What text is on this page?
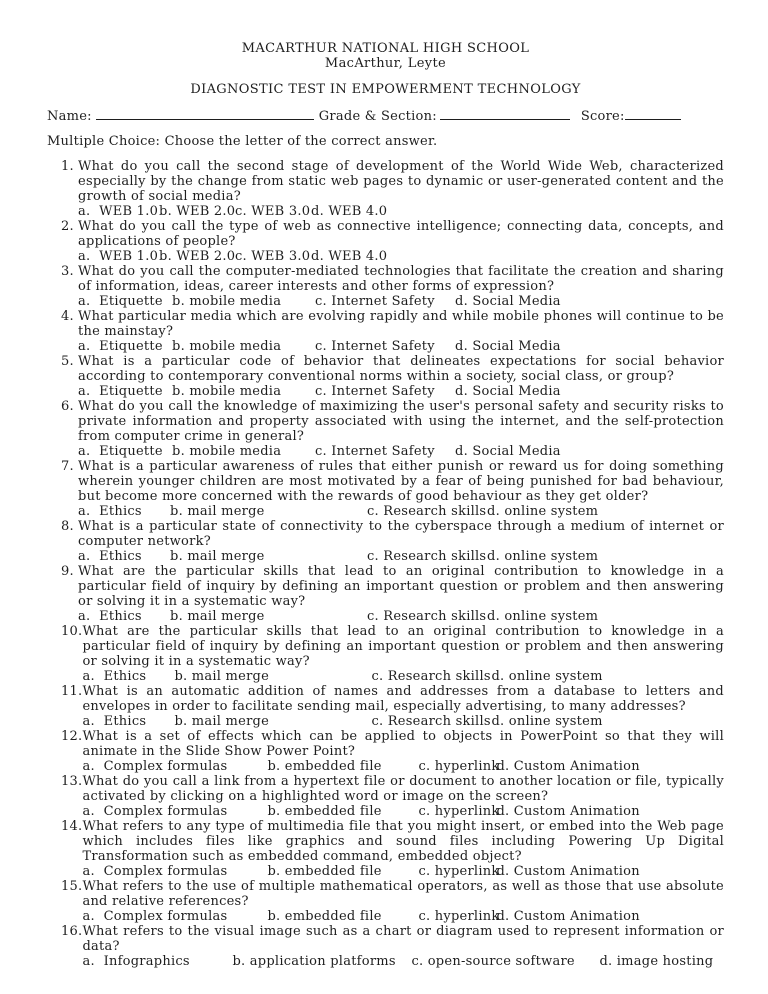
MACARTHUR NATIONAL HIGH SCHOOL
MacArthur, Leyte
DIAGNOSTIC TEST IN EMPOWERMENT TECHNOLOGY
Name:	Grade & Section:	Score:
Multiple Choice: Choose the letter of the correct answer.
1. What do you call the second stage of development of the World Wide Web, characterized especially by the change from static web pages to dynamic or user-generated content and the growth of social media?
a.  WEB 1.0 b. WEB 2.0 c. WEB 3.0 d. WEB 4.0
2. What do you call the type of web as connective intelligence; connecting data, concepts, and applications of people?
a.  WEB 1.0 b. WEB 2.0 c. WEB 3.0 d. WEB 4.0
3. What do you call the computer-mediated technologies that facilitate the creation and sharing of information, ideas, career interests and other forms of expression?
a.  Etiquette b. mobile media	c. Internet Safety d. Social Media
4. What particular media which are evolving rapidly and while mobile phones will continue to be the mainstay?
a.  Etiquette b. mobile media	c. Internet Safety d. Social Media
5. What is a particular code of behavior that delineates expectations for social behavior according to contemporary conventional norms within a society, social class, or group?
a.  Etiquette b. mobile media	c. Internet Safety d. Social Media
6. What do you call the knowledge of maximizing the user's personal safety and security risks to private information and property associated with using the internet, and the self-protection from computer crime in general?
a.  Etiquette b. mobile media	c. Internet Safety d. Social Media
7. What is a particular awareness of rules that either punish or reward us for doing something wherein younger children are most motivated by a fear of being punished for bad behaviour, but become more concerned with the rewards of good behaviour as they get older?
a.  Ethics b. mail merge	c. Research skills d. online system
8. What is a particular state of connectivity to the cyberspace through a medium of internet or computer network?
a.  Ethics b. mail merge	c. Research skills d. online system
9. What are the particular skills that lead to an original contribution to knowledge in a particular field of inquiry by defining an important question or problem and then answering or solving it in a systematic way?
a.  Ethics b. mail merge	c. Research skills d. online system
10. What are the particular skills that lead to an original contribution to knowledge in a particular field of inquiry by defining an important question or problem and then answering or solving it in a systematic way?
a.  Ethics b. mail merge	c. Research skills d. online system
11. What is an automatic addition of names and addresses from a database to letters and envelopes in order to facilitate sending mail, especially advertising, to many addresses?
a.  Ethics b. mail merge	c. Research skills d. online system
12. What is a set of effects which can be applied to objects in PowerPoint so that they will animate in the Slide Show Power Point?
a.  Complex formulas	b. embedded file	c. hyperlink
d. Custom Animation
13. What do you call a link from a hypertext file or document to another location or file, typically activated by clicking on a highlighted word or image on the screen?
a.  Complex formulas	b. embedded file	c. hyperlink
d. Custom Animation
14. What refers to any type of multimedia file that you might insert, or embed into the Web page which includes files like graphics and sound files including Powering Up Digital Transformation such as embedded command, embedded object?
a.  Complex formulas	b. embedded file	c. hyperlink
d. Custom Animation
15. What refers to the use of multiple mathematical operators, as well as those that use absolute and relative references?
a.  Complex formulas	b. embedded file	c. hyperlink
d. Custom Animation
16. What refers to the visual image such as a chart or diagram used to represent information or data?
a.  Infographics	b. application platforms c. open-source software d. image hosting
